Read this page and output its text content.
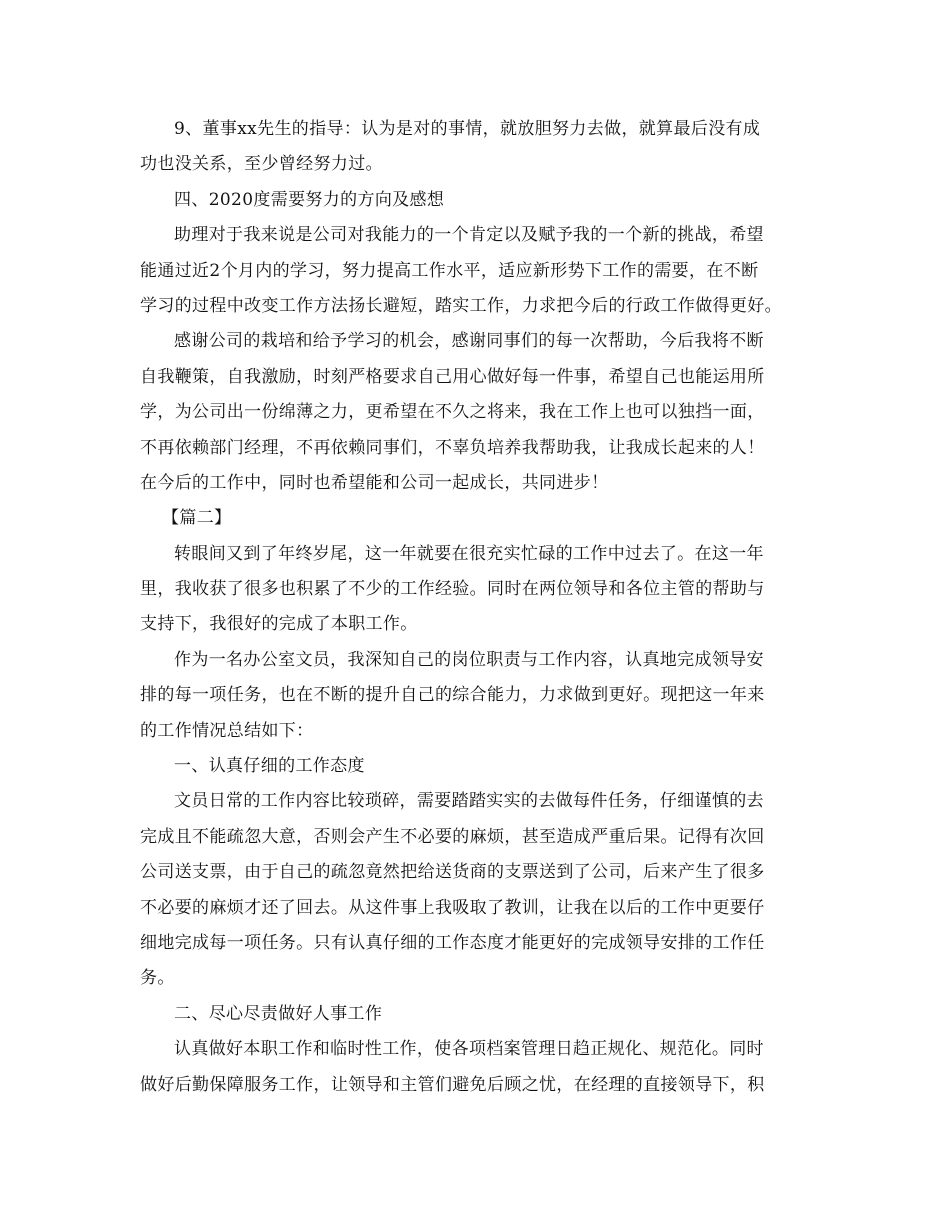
9、董事xx先生的指导：认为是对的事情，就放胆努力去做，就算最后没有成
功也没关系，至少曾经努力过。
四、2020度需要努力的方向及感想
助理对于我来说是公司对我能力的一个肯定以及赋予我的一个新的挑战，希望
能通过近2个月内的学习，努力提高工作水平，适应新形势下工作的需要，在不断
学习的过程中改变工作方法扬长避短，踏实工作，力求把今后的行政工作做得更好。
感谢公司的栽培和给予学习的机会，感谢同事们的每一次帮助，今后我将不断
自我鞭策，自我激励，时刻严格要求自己用心做好每一件事，希望自己也能运用所
学，为公司出一份绵薄之力，更希望在不久之将来，我在工作上也可以独挡一面，
不再依赖部门经理，不再依赖同事们，不辜负培养我帮助我，让我成长起来的人！
在今后的工作中，同时也希望能和公司一起成长，共同进步！
【篇二】
转眼间又到了年终岁尾，这一年就要在很充实忙碌的工作中过去了。在这一年
里，我收获了很多也积累了不少的工作经验。同时在两位领导和各位主管的帮助与
支持下，我很好的完成了本职工作。
作为一名办公室文员，我深知自己的岗位职责与工作内容，认真地完成领导安
排的每一项任务，也在不断的提升自己的综合能力，力求做到更好。现把这一年来
的工作情况总结如下：
一、认真仔细的工作态度
文员日常的工作内容比较琐碎，需要踏踏实实的去做每件任务，仔细谨慎的去
完成且不能疏忽大意，否则会产生不必要的麻烦，甚至造成严重后果。记得有次回
公司送支票，由于自己的疏忽竟然把给送货商的支票送到了公司，后来产生了很多
不必要的麻烦才还了回去。从这件事上我吸取了教训，让我在以后的工作中更要仔
细地完成每一项任务。只有认真仔细的工作态度才能更好的完成领导安排的工作任
务。
二、尽心尽责做好人事工作
认真做好本职工作和临时性工作，使各项档案管理日趋正规化、规范化。同时
做好后勤保障服务工作，让领导和主管们避免后顾之忧，在经理的直接领导下，积
